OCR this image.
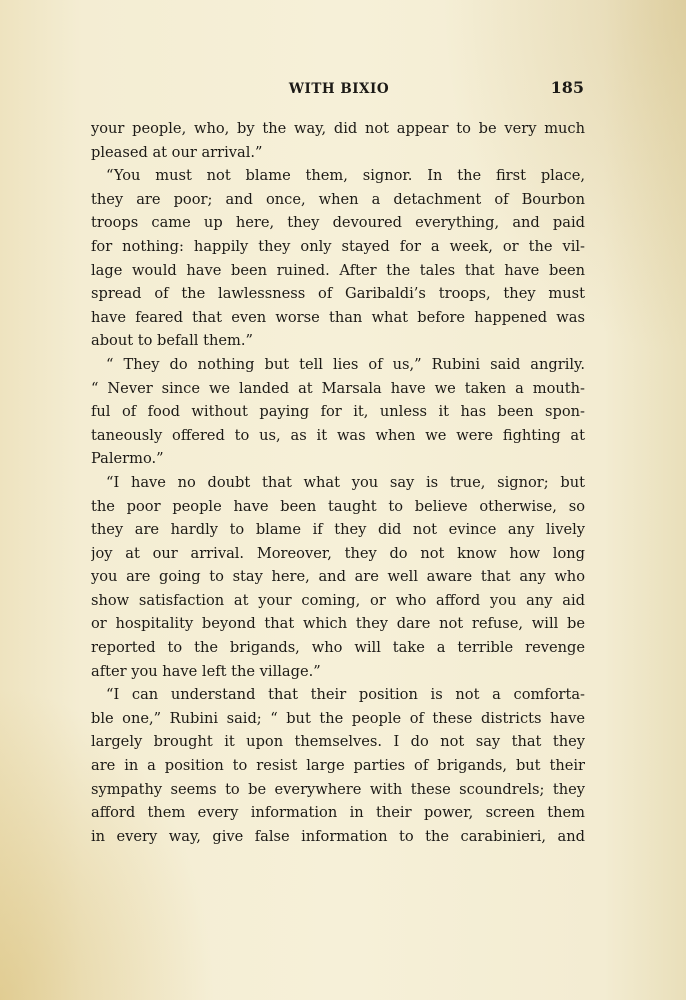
WITH BIXIO	185
your people, who, by the way, did not appear to be very much
pleased at our arrival.”
“You must not blame them, signor. In the first place,
they are poor; and once, when a detachment of Bourbon
troops came up here, they devoured everything, and paid
for nothing: happily they only stayed for a week, or the vil-
lage would have been ruined. After the tales that have been
spread of the lawlessness of Garibaldi’s troops, they must
have feared that even worse than what before happened was
about to befall them.”
“ They do nothing but tell lies of us,” Rubini said angrily.
“ Never since we landed at Marsala have we taken a mouth-
ful of food without paying for it, unless it has been spon-
taneously offered to us, as it was when we were fighting at
Palermo.”
“I have no doubt that what you say is true, signor; but
the poor people have been taught to believe otherwise, so
they are hardly to blame if they did not evince any lively
joy at our arrival. Moreover, they do not know how long
you are going to stay here, and are well aware that any who
show satisfaction at your coming, or who afford you any aid
or hospitality beyond that which they dare not refuse, will be
reported to the brigands, who will take a terrible revenge
after you have left the village.”
“I can understand that their position is not a comforta-
ble one,” Rubini said; “ but the people of these districts have
largely brought it upon themselves. I do not say that they
are in a position to resist large parties of brigands, but their
sympathy seems to be everywhere with these scoundrels; they
afford them every information in their power, screen them
in every way, give false information to the carabinieri, and
